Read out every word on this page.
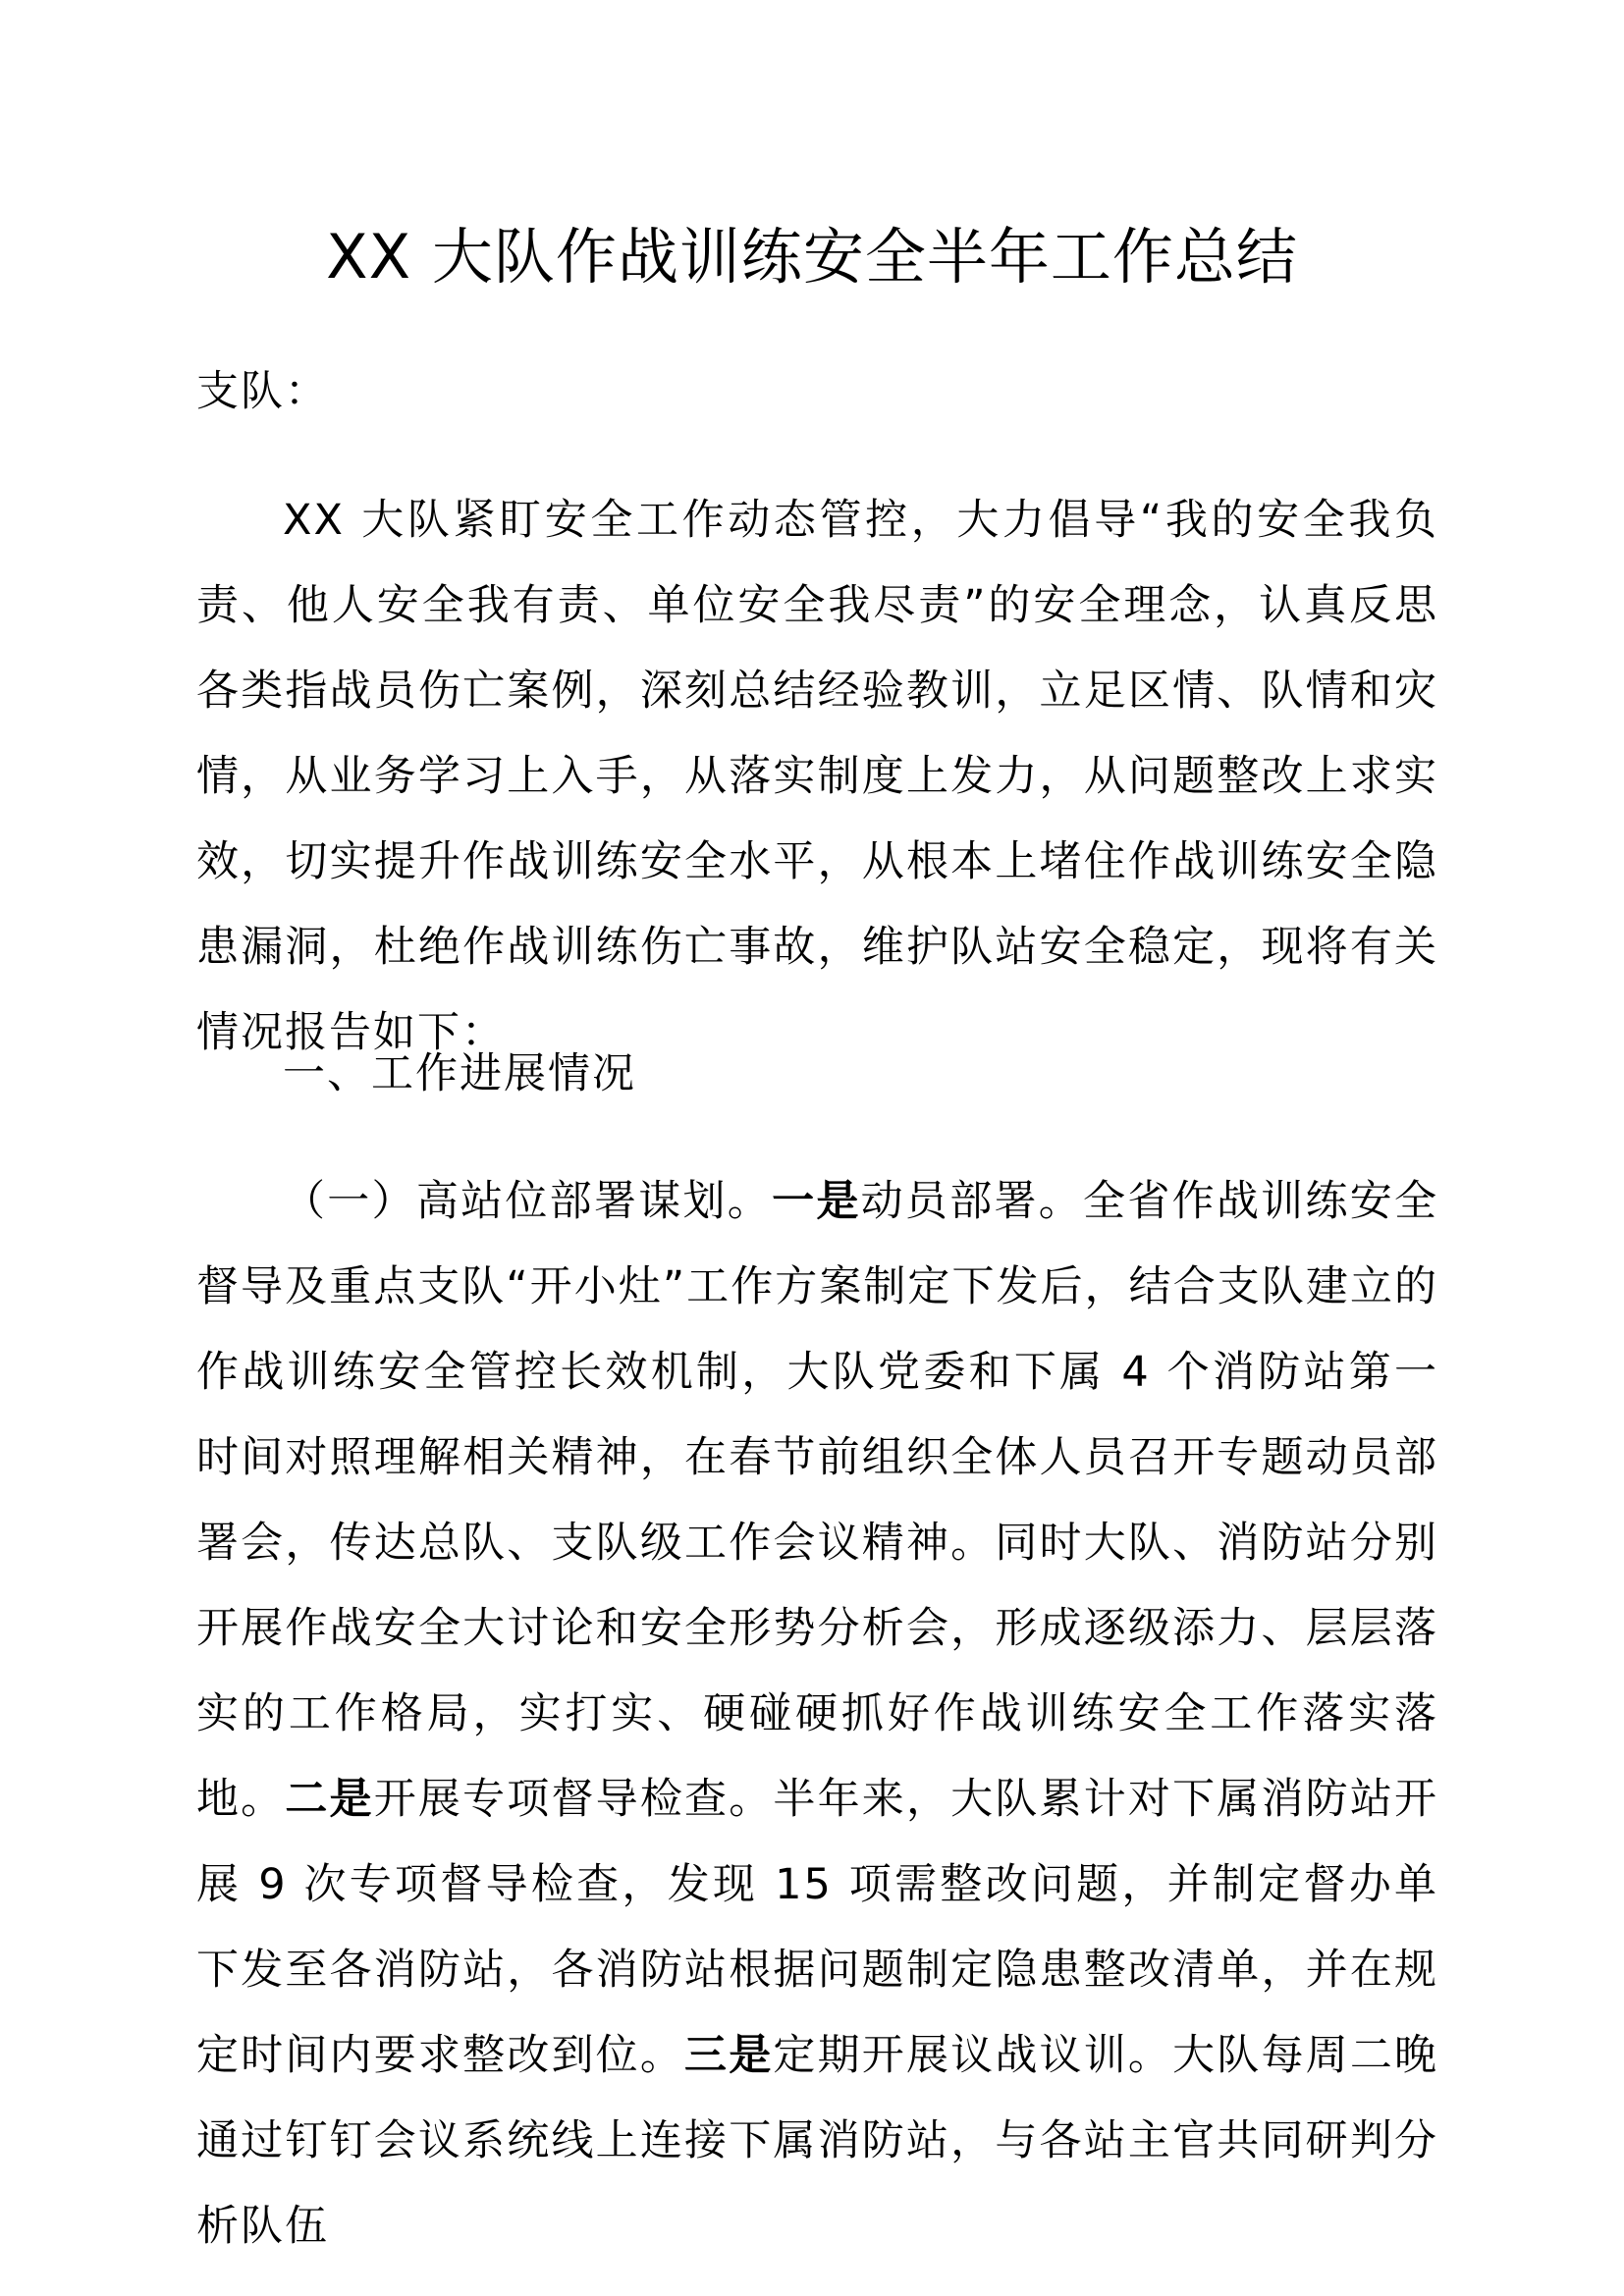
XX 大队作战训练安全半年工作总结
支队：
XX 大队紧盯安全工作动态管控，大力倡导“我的安全我负责、他人安全我有责、单位安全我尽责”的安全理念，认真反思各类指战员伤亡案例，深刻总结经验教训，立足区情、队情和灾情，从业务学习上入手，从落实制度上发力，从问题整改上求实效，切实提升作战训练安全水平，从根本上堵住作战训练安全隐患漏洞，杜绝作战训练伤亡事故，维护队站安全稳定，现将有关情况报告如下：
一、工作进展情况
（一）高站位部署谋划。一是动员部署。全省作战训练安全督导及重点支队“开小灶”工作方案制定下发后，结合支队建立的作战训练安全管控长效机制，大队党委和下属 4 个消防站第一时间对照理解相关精神，在春节前组织全体人员召开专题动员部署会，传达总队、支队级工作会议精神。同时大队、消防站分别开展作战安全大讨论和安全形势分析会，形成逐级添力、层层落实的工作格局，实打实、硬碰硬抓好作战训练安全工作落实落地。二是开展专项督导检查。半年来，大队累计对下属消防站开展 9 次专项督导检查，发现 15 项需整改问题，并制定督办单下发至各消防站，各消防站根据问题制定隐患整改清单，并在规定时间内要求整改到位。三是定期开展议战议训。大队每周二晚通过钉钉会议系统线上连接下属消防站，与各站主官共同研判分析队伍
